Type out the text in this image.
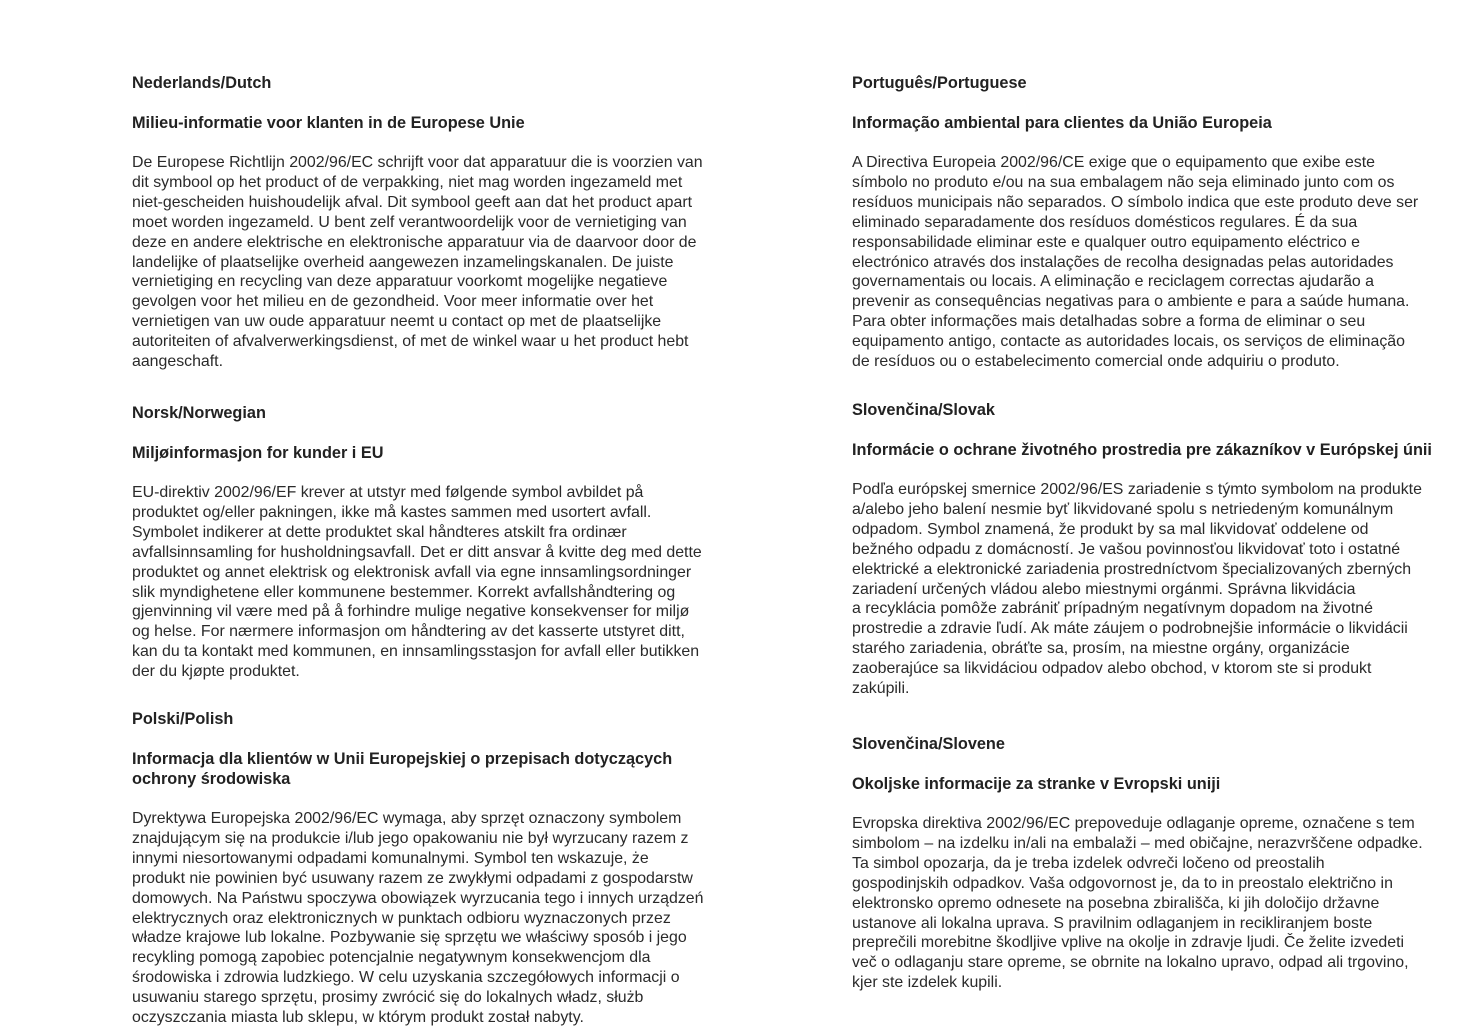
Nederlands/Dutch

Milieu-informatie voor klanten in de Europese Unie

De Europese Richtlijn 2002/96/EC schrijft voor dat apparatuur die is voorzien van
dit symbool op het product of de verpakking, niet mag worden ingezameld met
niet-gescheiden huishoudelijk afval. Dit symbool geeft aan dat het product apart
moet worden ingezameld. U bent zelf verantwoordelijk voor de vernietiging van
deze en andere elektrische en elektronische apparatuur via de daarvoor door de
landelijke of plaatselijke overheid aangewezen inzamelingskanalen. De juiste
vernietiging en recycling van deze apparatuur voorkomt mogelijke negatieve
gevolgen voor het milieu en de gezondheid. Voor meer informatie over het
vernietigen van uw oude apparatuur neemt u contact op met de plaatselijke
autoriteiten of afvalverwerkingsdienst, of met de winkel waar u het product hebt
aangeschaft.

Norsk/Norwegian

Miljøinformasjon for kunder i EU

EU-direktiv 2002/96/EF krever at utstyr med følgende symbol avbildet på
produktet og/eller pakningen, ikke må kastes sammen med usortert avfall.
Symbolet indikerer at dette produktet skal håndteres atskilt fra ordinær
avfallsinnsamling for husholdningsavfall. Det er ditt ansvar å kvitte deg med dette
produktet og annet elektrisk og elektronisk avfall via egne innsamlingsordninger
slik myndighetene eller kommunene bestemmer. Korrekt avfallshåndtering og
gjenvinning vil være med på å forhindre mulige negative konsekvenser for miljø
og helse. For nærmere informasjon om håndtering av det kasserte utstyret ditt,
kan du ta kontakt med kommunen, en innsamlingsstasjon for avfall eller butikken
der du kjøpte produktet.

Polski/Polish

Informacja dla klientów w Unii Europejskiej o przepisach dotyczących
ochrony środowiska

Dyrektywa Europejska 2002/96/EC wymaga, aby sprzęt oznaczony symbolem
znajdującym się na produkcie i/lub jego opakowaniu nie był wyrzucany razem z
innymi niesortowanymi odpadami komunalnymi. Symbol ten wskazuje, że
produkt nie powinien być usuwany razem ze zwykłymi odpadami z gospodarstw
domowych. Na Państwu spoczywa obowiązek wyrzucania tego i innych urządzeń
elektrycznych oraz elektronicznych w punktach odbioru wyznaczonych przez
władze krajowe lub lokalne. Pozbywanie się sprzętu we właściwy sposób i jego
recykling pomogą zapobiec potencjalnie negatywnym konsekwencjom dla
środowiska i zdrowia ludzkiego. W celu uzyskania szczegółowych informacji o
usuwaniu starego sprzętu, prosimy zwrócić się do lokalnych władz, służb
oczyszczania miasta lub sklepu, w którym produkt został nabyty.

Português/Portuguese

Informação ambiental para clientes da União Europeia

A Directiva Europeia 2002/96/CE exige que o equipamento que exibe este
símbolo no produto e/ou na sua embalagem não seja eliminado junto com os
resíduos municipais não separados. O símbolo indica que este produto deve ser
eliminado separadamente dos resíduos domésticos regulares. É da sua
responsabilidade eliminar este e qualquer outro equipamento eléctrico e
electrónico através dos instalações de recolha designadas pelas autoridades
governamentais ou locais. A eliminação e reciclagem correctas ajudarão a
prevenir as consequências negativas para o ambiente e para a saúde humana.
Para obter informações mais detalhadas sobre a forma de eliminar o seu
equipamento antigo, contacte as autoridades locais, os serviços de eliminação
de resíduos ou o estabelecimento comercial onde adquiriu o produto.

Slovenčina/Slovak

Informácie o ochrane životného prostredia pre zákazníkov v Európskej únii

Podľa európskej smernice 2002/96/ES zariadenie s týmto symbolom na produkte
a/alebo jeho balení nesmie byť likvidované spolu s netriedeným komunálnym
odpadom. Symbol znamená, že produkt by sa mal likvidovať oddelene od
bežného odpadu z domácností. Je vašou povinnosťou likvidovať toto i ostatné
elektrické a elektronické zariadenia prostredníctvom špecializovaných zberných
zariadení určených vládou alebo miestnymi orgánmi. Správna likvidácia
a recyklácia pomôže zabrániť prípadným negatívnym dopadom na životné
prostredie a zdravie ľudí. Ak máte záujem o podrobnejšie informácie o likvidácii
starého zariadenia, obráťte sa, prosím, na miestne orgány, organizácie
zaoberajúce sa likvidáciou odpadov alebo obchod, v ktorom ste si produkt
zakúpili.

Slovenčina/Slovene

Okoljske informacije za stranke v Evropski uniji

Evropska direktiva 2002/96/EC prepoveduje odlaganje opreme, označene s tem
simbolom – na izdelku in/ali na embalaži – med običajne, nerazvrščene odpadke.
Ta simbol opozarja, da je treba izdelek odvreči ločeno od preostalih
gospodinjskih odpadkov. Vaša odgovornost je, da to in preostalo električno in
elektronsko opremo odnesete na posebna zbirališča, ki jih določijo državne
ustanove ali lokalna uprava. S pravilnim odlaganjem in recikliranjem boste
preprečili morebitne škodljive vplive na okolje in zdravje ljudi. Če želite izvedeti
več o odlaganju stare opreme, se obrnite na lokalno upravo, odpad ali trgovino,
kjer ste izdelek kupili.
